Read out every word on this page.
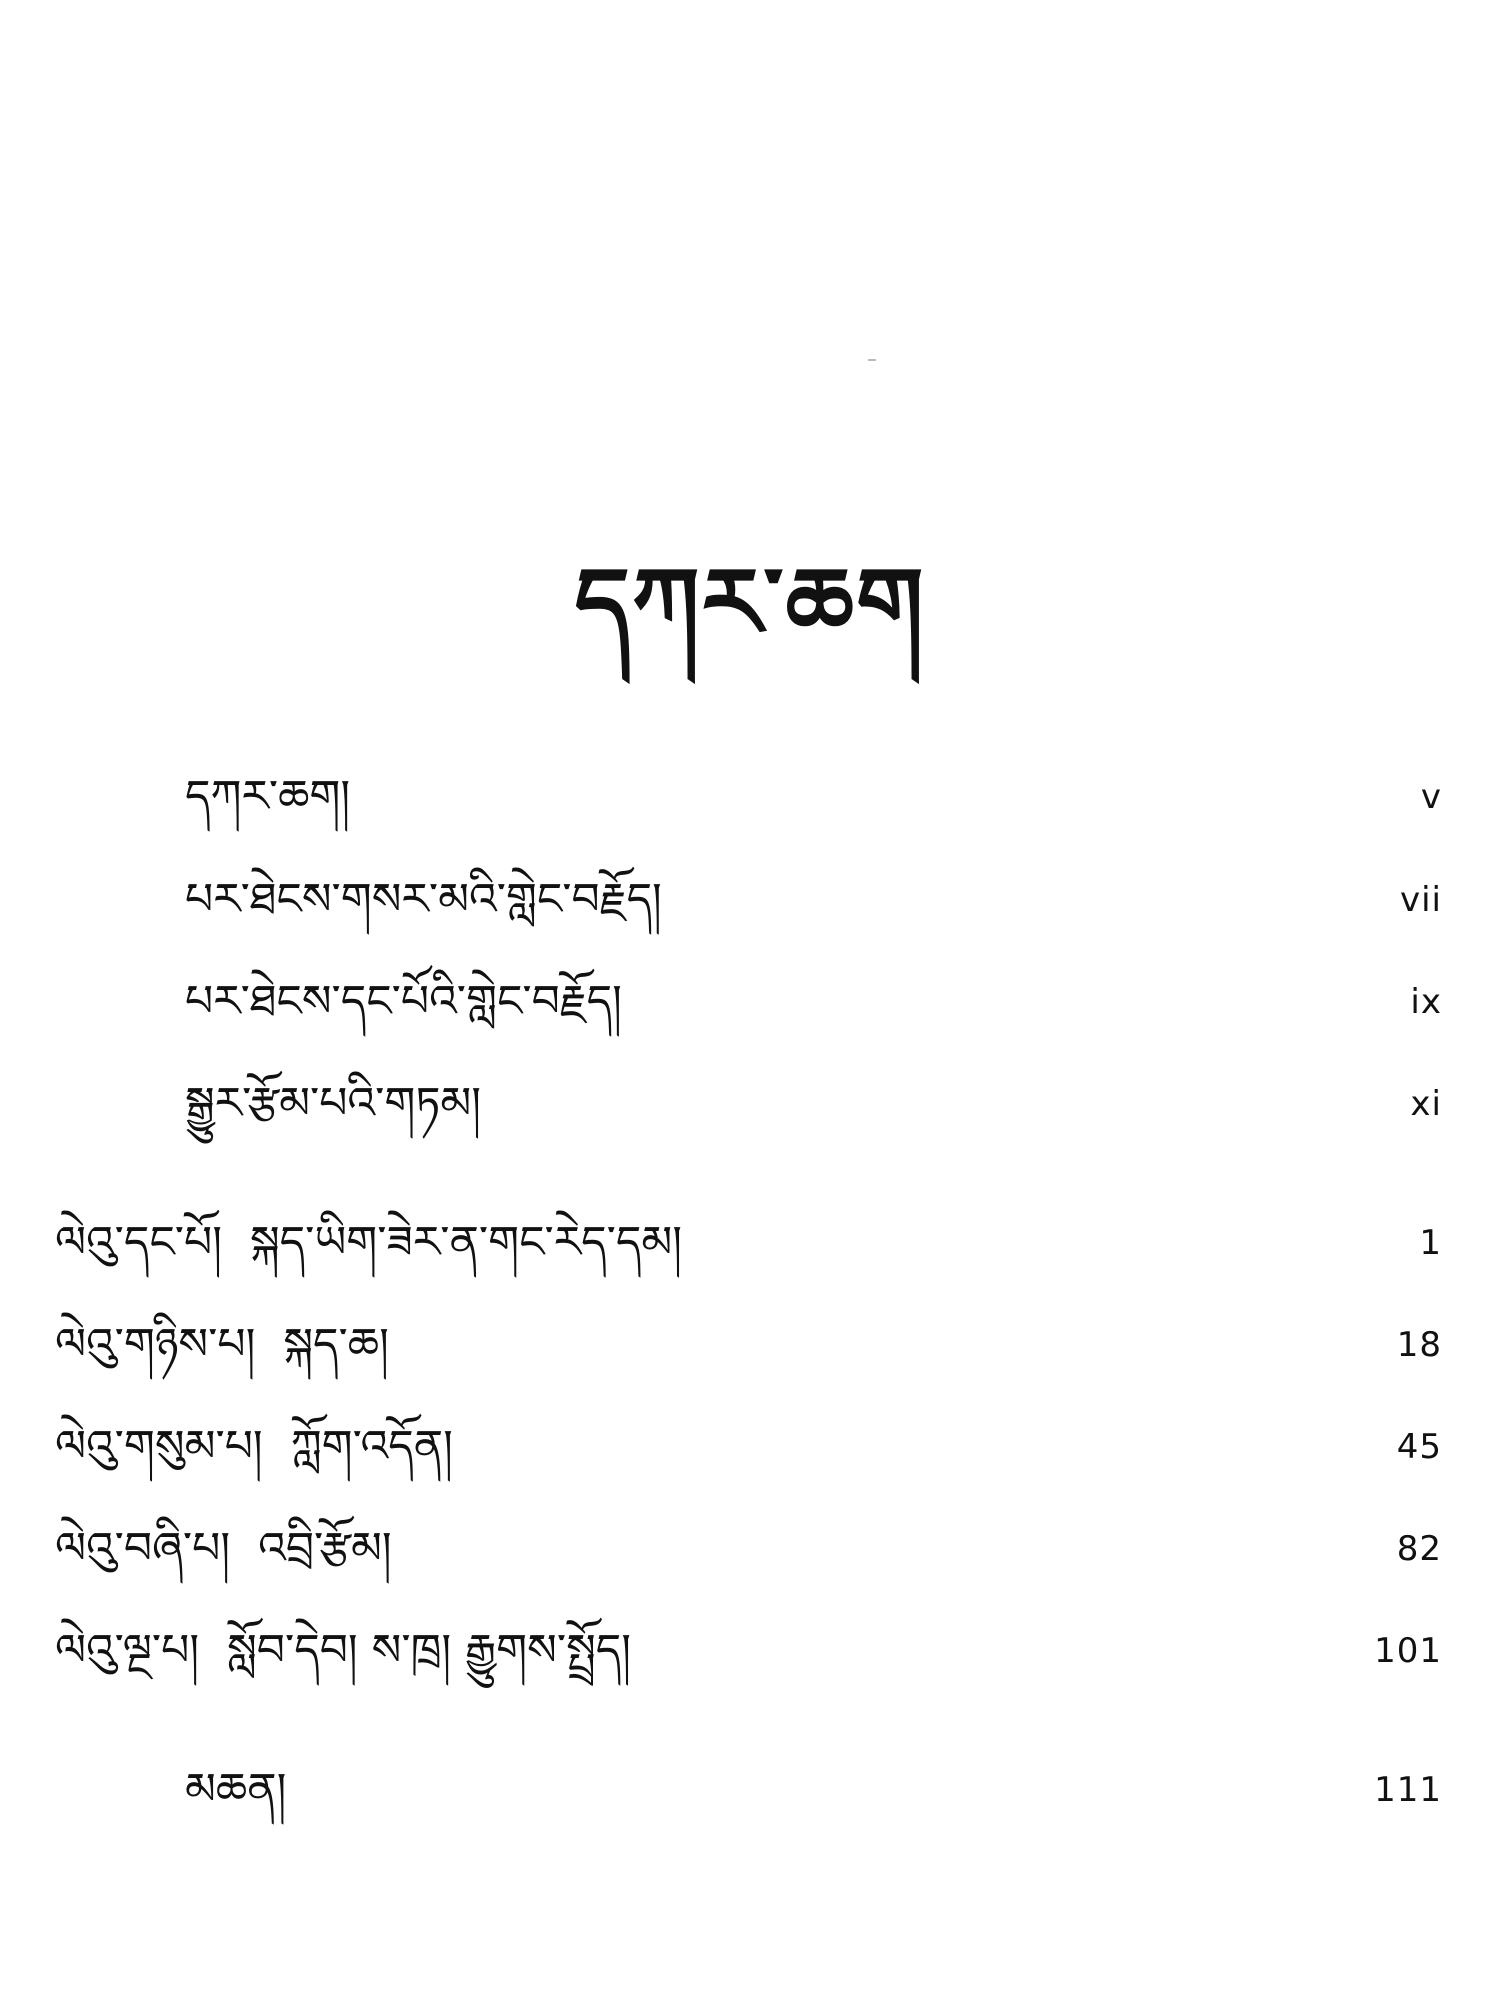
དཀར་ཆག
དཀར་ཆག།	v
པར་ཐེངས་གསར་མའི་གླེང་བརྗོད།	vii
པར་ཐེངས་དང་པོའི་གླེང་བརྗོད།	ix
སྒྱུར་རྩོམ་པའི་གཏམ།	xi
ལེའུ་དང་པོ། སྐད་ཡིག་ཟེར་ན་གང་རེད་དམ།	1
ལེའུ་གཉིས་པ། སྐད་ཆ།	18
ལེའུ་གསུམ་པ། ཀློག་འདོན།	45
ལེའུ་བཞི་པ། འབྲི་རྩོམ།	82
ལེའུ་ལྔ་པ། སློབ་དེབ། ས་ཁྲ། རྒྱུགས་སྤྲོད།	101
མཆན།	111
